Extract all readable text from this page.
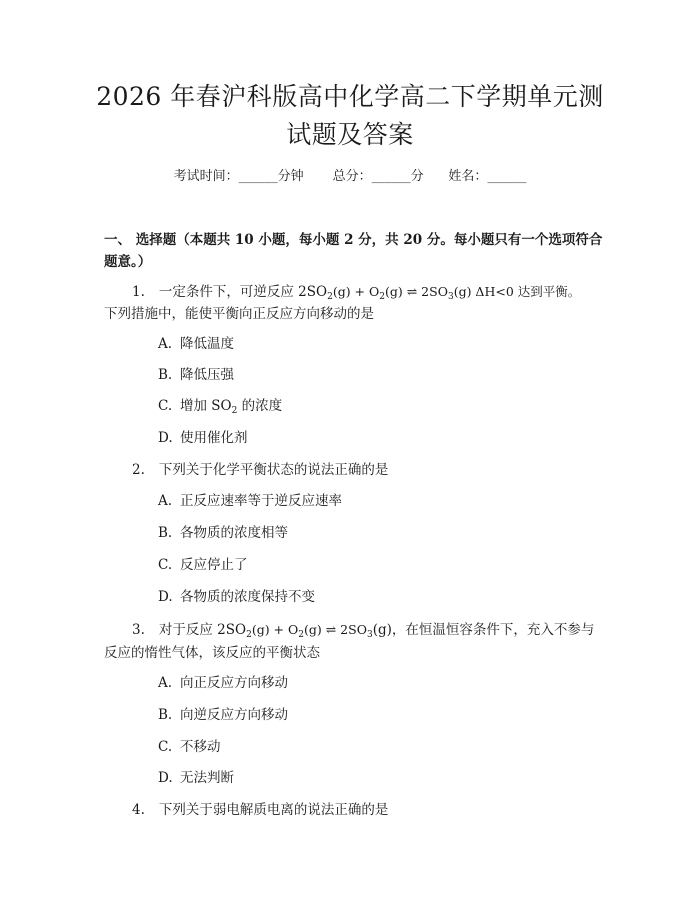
2026 年春沪科版高中化学高二下学期单元测
试题及答案
考试时间：______分钟 总分：______分 姓名：______
一、 选择题（本题共 10 小题，每小题 2 分，共 20 分。每小题只有一个选项符合
题意。）
1. 一定条件下，可逆反应 $2SO_2(g) + O_2(g)$ ⇌ $2SO_3(g)$ ΔH<0 达到平衡。
下列措施中，能使平衡向正反应方向移动的是
A. 降低温度
B. 降低压强
C. 增加 $SO_2$ 的浓度
D. 使用催化剂
2. 下列关于化学平衡状态的说法正确的是
A. 正反应速率等于逆反应速率
B. 各物质的浓度相等
C. 反应停止了
D. 各物质的浓度保持不变
3. 对于反应 $2SO_2(g) + O_2(g)$ ⇌ $2SO_3(g)$，在恒温恒容条件下，充入不参与
反应的惰性气体，该反应的平衡状态
A. 向正反应方向移动
B. 向逆反应方向移动
C. 不移动
D. 无法判断
4. 下列关于弱电解质电离的说法正确的是
